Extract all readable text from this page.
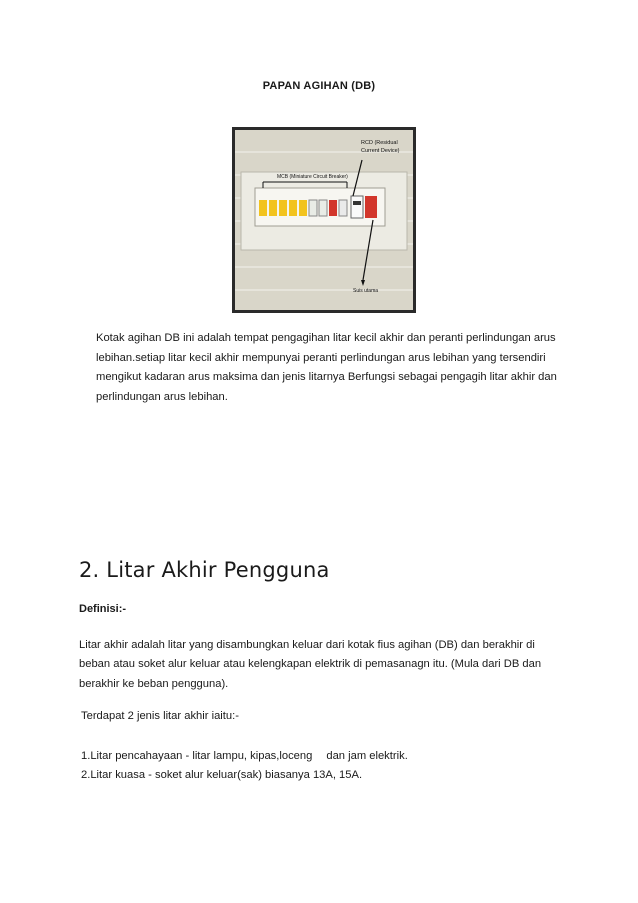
PAPAN AGIHAN (DB)
RCD (Residual
Current Device)
MCB (Miniature Circuit Breaker)
Suis utama

Kotak agihan DB ini adalah tempat pengagihan litar kecil akhir dan peranti perlindungan arus lebihan.setiap litar kecil akhir mempunyai peranti perlindungan arus lebihan yang tersendiri mengikut kadaran arus maksima dan jenis litarnya Berfungsi sebagai pengagih litar akhir dan perlindungan arus lebihan.

2. Litar Akhir Pengguna

Definisi:-

Litar akhir adalah litar yang disambungkan keluar dari kotak fius agihan (DB) dan berakhir di beban atau soket alur keluar atau kelengkapan elektrik di pemasanagn itu. (Mula dari DB dan berakhir ke beban pengguna).

Terdapat 2 jenis litar akhir iaitu:-

1.Litar pencahayaan - litar lampu, kipas,loceng dan jam elektrik.
2.Litar kuasa - soket alur keluar(sak) biasanya 13A, 15A.
